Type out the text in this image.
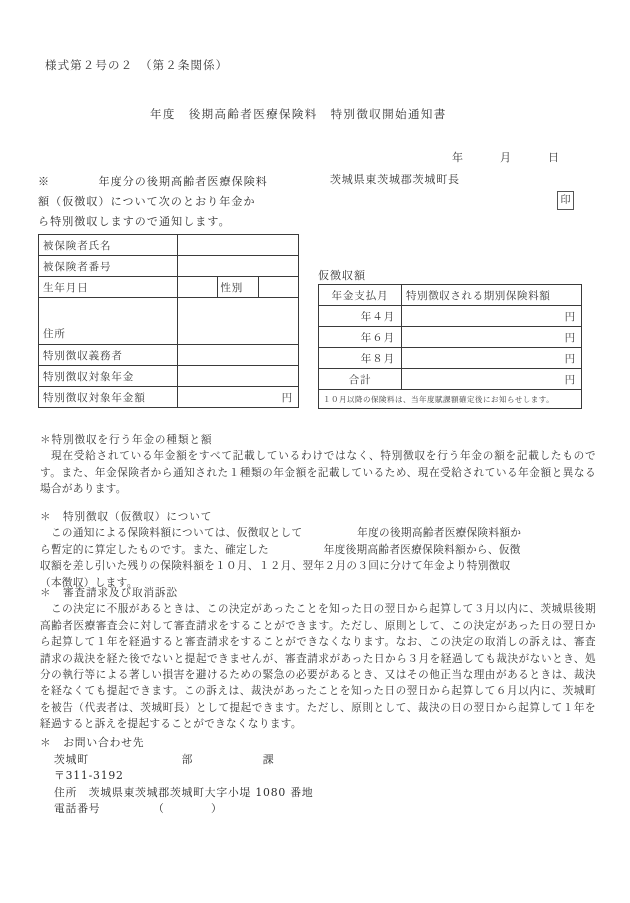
様式第２号の２　（第２条関係）
年度　後期高齢者医療保険料　特別徴収開始通知書
年　　　月　　　日
※　　　　年度分の後期高齢者医療保険料
額（仮徴収）について次のとおり年金か
ら特別徴収しますので通知します。
茨城県東茨城郡茨城町長
印
被保険者氏名			
被保険者番号			
生年月日		性別	
住所			
特別徴収義務者			
特別徴収対象年金			
特別徴収対象年金額	円		
仮徴収額
年金支払月	特別徴収される期別保険料額
年４月	円
年６月	円
年８月	円
合計	円
１０月以降の保険料は、当年度賦課額確定後にお知らせします。	
＊特別徴収を行う年金の種類と額
現在受給されている年金額をすべて記載しているわけではなく、特別徴収を行う年金の額を記載したものです。また、年金保険者から通知された１種類の年金額を記載しているため、現在受給されている年金額と異なる場合があります。
＊　特別徴収（仮徴収）について
　この通知による保険料額については、仮徴収として　　　　　年度の後期高齢者医療保険料額か
ら暫定的に算定したものです。また、確定した　　　　　年度後期高齢者医療保険料額から、仮徴
収額を差し引いた残りの保険料額を１０月、１２月、翌年２月の３回に分けて年金より特別徴収
（本徴収）します。
＊　審査請求及び取消訴訟
この決定に不服があるときは、この決定があったことを知った日の翌日から起算して３月以内に、茨城県後期高齢者医療審査会に対して審査請求をすることができます。ただし、原則として、この決定があった日の翌日から起算して１年を経過すると審査請求をすることができなくなります。なお、この決定の取消しの訴えは、審査請求の裁決を経た後でないと提起できませんが、審査請求があった日から３月を経過しても裁決がないとき、処分の執行等による著しい損害を避けるための緊急の必要があるとき、又はその他正当な理由があるときは、裁決を経なくても提起できます。この訴えは、裁決があったことを知った日の翌日から起算して６月以内に、茨城町を被告（代表者は、茨城町長）として提起できます。ただし、原則として、裁決の日の翌日から起算して１年を経過すると訴えを提起することができなくなります。
＊　お問い合わせ先
茨城町　　　　　　　　部　　　　　　課
〒311-3192
住所　茨城県東茨城郡茨城町大字小堤 1080 番地
電話番号　　　　　（　　　　）
